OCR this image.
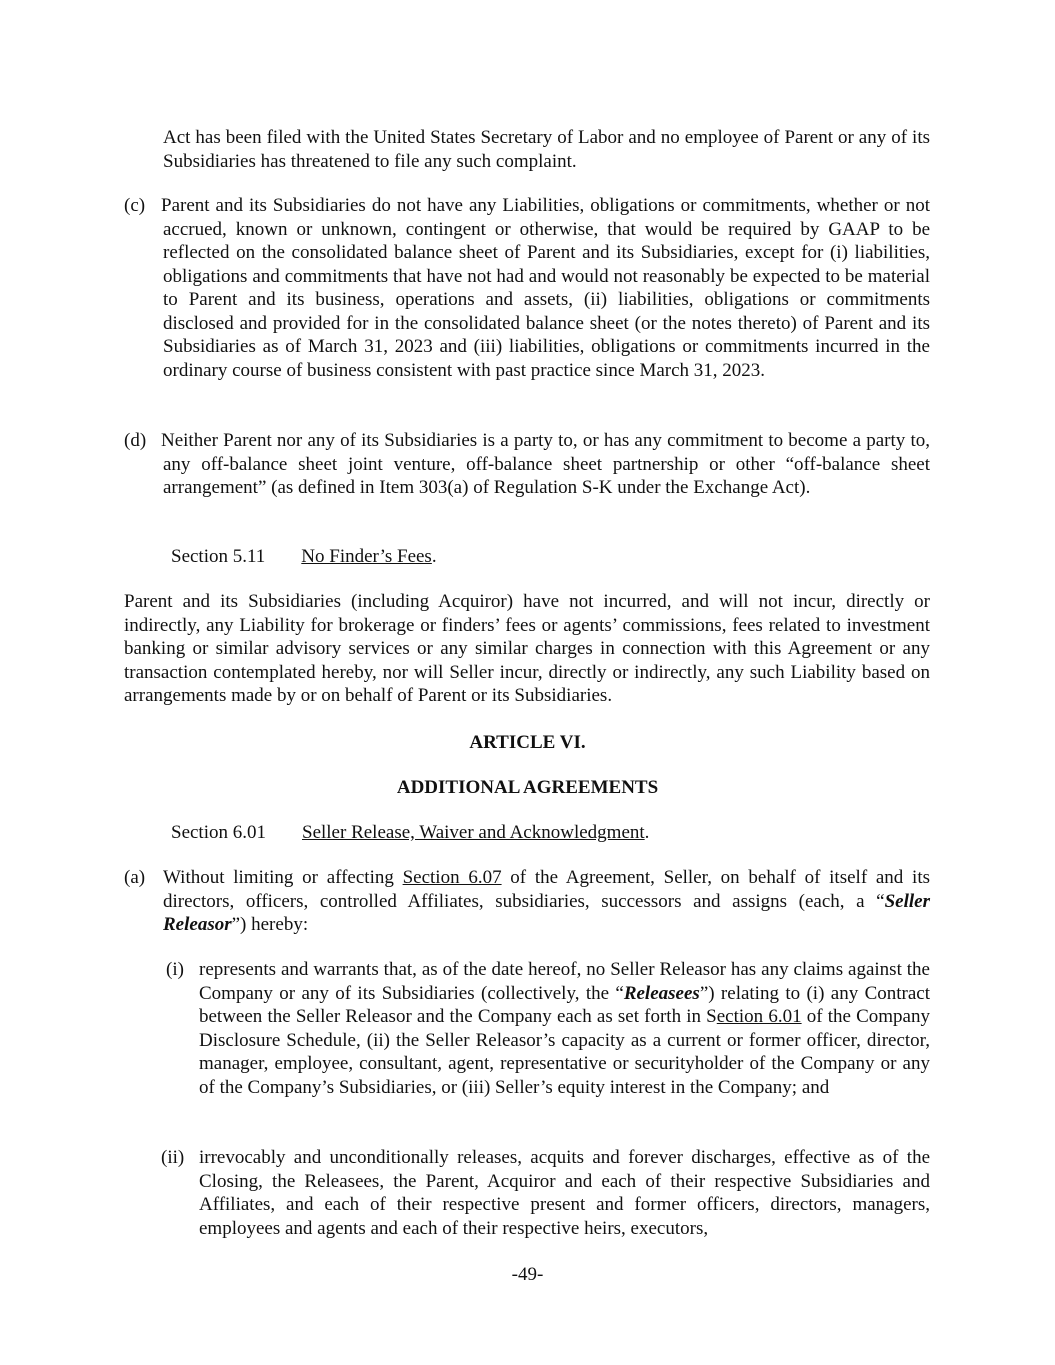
Act has been filed with the United States Secretary of Labor and no employee of Parent or any of its Subsidiaries has threatened to file any such complaint.

(c) Parent and its Subsidiaries do not have any Liabilities, obligations or commitments, whether or not accrued, known or unknown, contingent or otherwise, that would be required by GAAP to be reflected on the consolidated balance sheet of Parent and its Subsidiaries, except for (i) liabilities, obligations and commitments that have not had and would not reasonably be expected to be material to Parent and its business, operations and assets, (ii) liabilities, obligations or commitments disclosed and provided for in the consolidated balance sheet (or the notes thereto) of Parent and its Subsidiaries as of March 31, 2023 and (iii) liabilities, obligations or commitments incurred in the ordinary course of business consistent with past practice since March 31, 2023.

(d) Neither Parent nor any of its Subsidiaries is a party to, or has any commitment to become a party to, any off-balance sheet joint venture, off-balance sheet partnership or other “off-balance sheet arrangement” (as defined in Item 303(a) of Regulation S-K under the Exchange Act).

Section 5.11 No Finder’s Fees.

Parent and its Subsidiaries (including Acquiror) have not incurred, and will not incur, directly or indirectly, any Liability for brokerage or finders’ fees or agents’ commissions, fees related to investment banking or similar advisory services or any similar charges in connection with this Agreement or any transaction contemplated hereby, nor will Seller incur, directly or indirectly, any such Liability based on arrangements made by or on behalf of Parent or its Subsidiaries.

ARTICLE VI.

ADDITIONAL AGREEMENTS

Section 6.01 Seller Release, Waiver and Acknowledgment.
(a) Without limiting or affecting Section 6.07 of the Agreement, Seller, on behalf of itself and its directors, officers, controlled Affiliates, subsidiaries, successors and assigns (each, a “Seller Releasor”) hereby:

(i) represents and warrants that, as of the date hereof, no Seller Releasor has any claims against the Company or any of its Subsidiaries (collectively, the “Releasees”) relating to (i) any Contract between the Seller Releasor and the Company each as set forth in Section 6.01 of the Company Disclosure Schedule, (ii) the Seller Releasor’s capacity as a current or former officer, director, manager, employee, consultant, agent, representative or securityholder of the Company or any of the Company’s Subsidiaries, or (iii) Seller’s equity interest in the Company; and

(ii) irrevocably and unconditionally releases, acquits and forever discharges, effective as of the Closing, the Releasees, the Parent, Acquiror and each of their respective Subsidiaries and Affiliates, and each of their respective present and former officers, directors, managers, employees and agents and each of their respective heirs, executors,

-49-
